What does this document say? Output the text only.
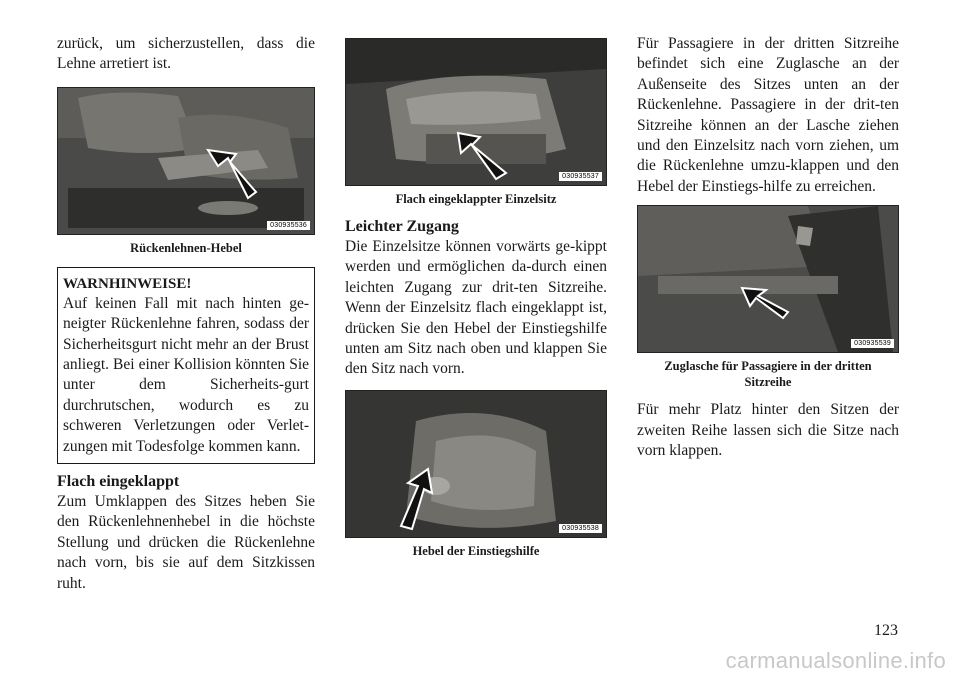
zurück, um sicherzustellen, dass die Lehne arretiert ist.

030935536

Rückenlehnen-Hebel

WARNHINWEISE!

Auf keinen Fall mit nach hinten ge-neigter Rückenlehne fahren, sodass der Sicherheitsgurt nicht mehr an der Brust anliegt. Bei einer Kollision könnten Sie unter dem Sicherheits-gurt durchrutschen, wodurch es zu schweren Verletzungen oder Verlet-zungen mit Todesfolge kommen kann.

Flach eingeklappt

Zum Umklappen des Sitzes heben Sie den Rückenlehnenhebel in die höchste Stellung und drücken die Rückenlehne nach vorn, bis sie auf dem Sitzkissen ruht.

030935537

Flach eingeklappter Einzelsitz

Leichter Zugang

Die Einzelsitze können vorwärts ge-kippt werden und ermöglichen da-durch einen leichten Zugang zur drit-ten Sitzreihe. Wenn der Einzelsitz flach eingeklappt ist, drücken Sie den Hebel der Einstiegshilfe unten am Sitz nach oben und klappen Sie den Sitz nach vorn.

030935538

Hebel der Einstiegshilfe

Für Passagiere in der dritten Sitzreihe befindet sich eine Zuglasche an der Außenseite des Sitzes unten an der Rückenlehne. Passagiere in der drit-ten Sitzreihe können an der Lasche ziehen und den Einzelsitz nach vorn ziehen, um die Rückenlehne umzu-klappen und den Hebel der Einstiegs-hilfe zu erreichen.

030935539

Zuglasche für Passagiere in der dritten Sitzreihe

Für mehr Platz hinter den Sitzen der zweiten Reihe lassen sich die Sitze nach vorn klappen.

123
carmanualsonline.info
